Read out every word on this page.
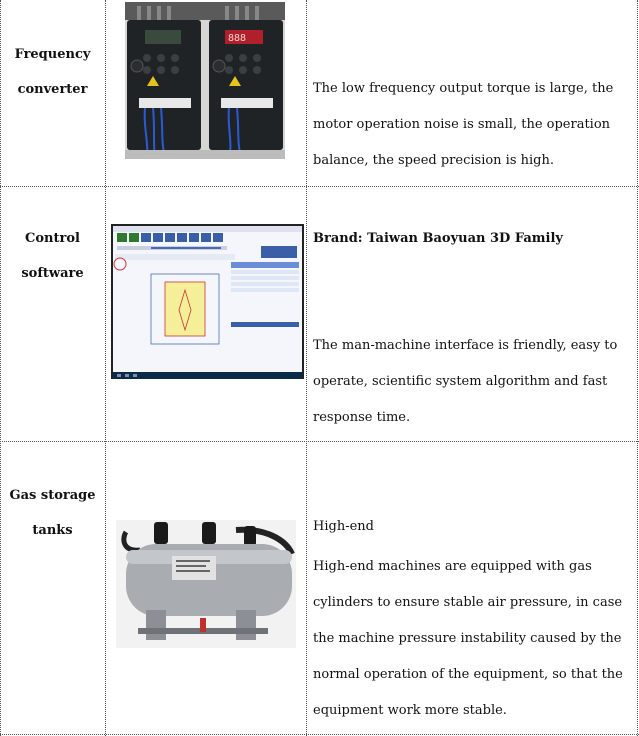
Frequency
converter
888
The low frequency output torque is large, the
motor operation noise is small, the operation
balance, the speed precision is high.
Control
software
Brand: Taiwan Baoyuan 3D Family
The man-machine interface is friendly, easy to
operate, scientific system algorithm and fast
response time.
Gas storage
tanks	High-end
High-end machines are equipped with gas
cylinders to ensure stable air pressure, in case
the machine pressure instability caused by the
normal operation of the equipment, so that the
equipment work more stable.
